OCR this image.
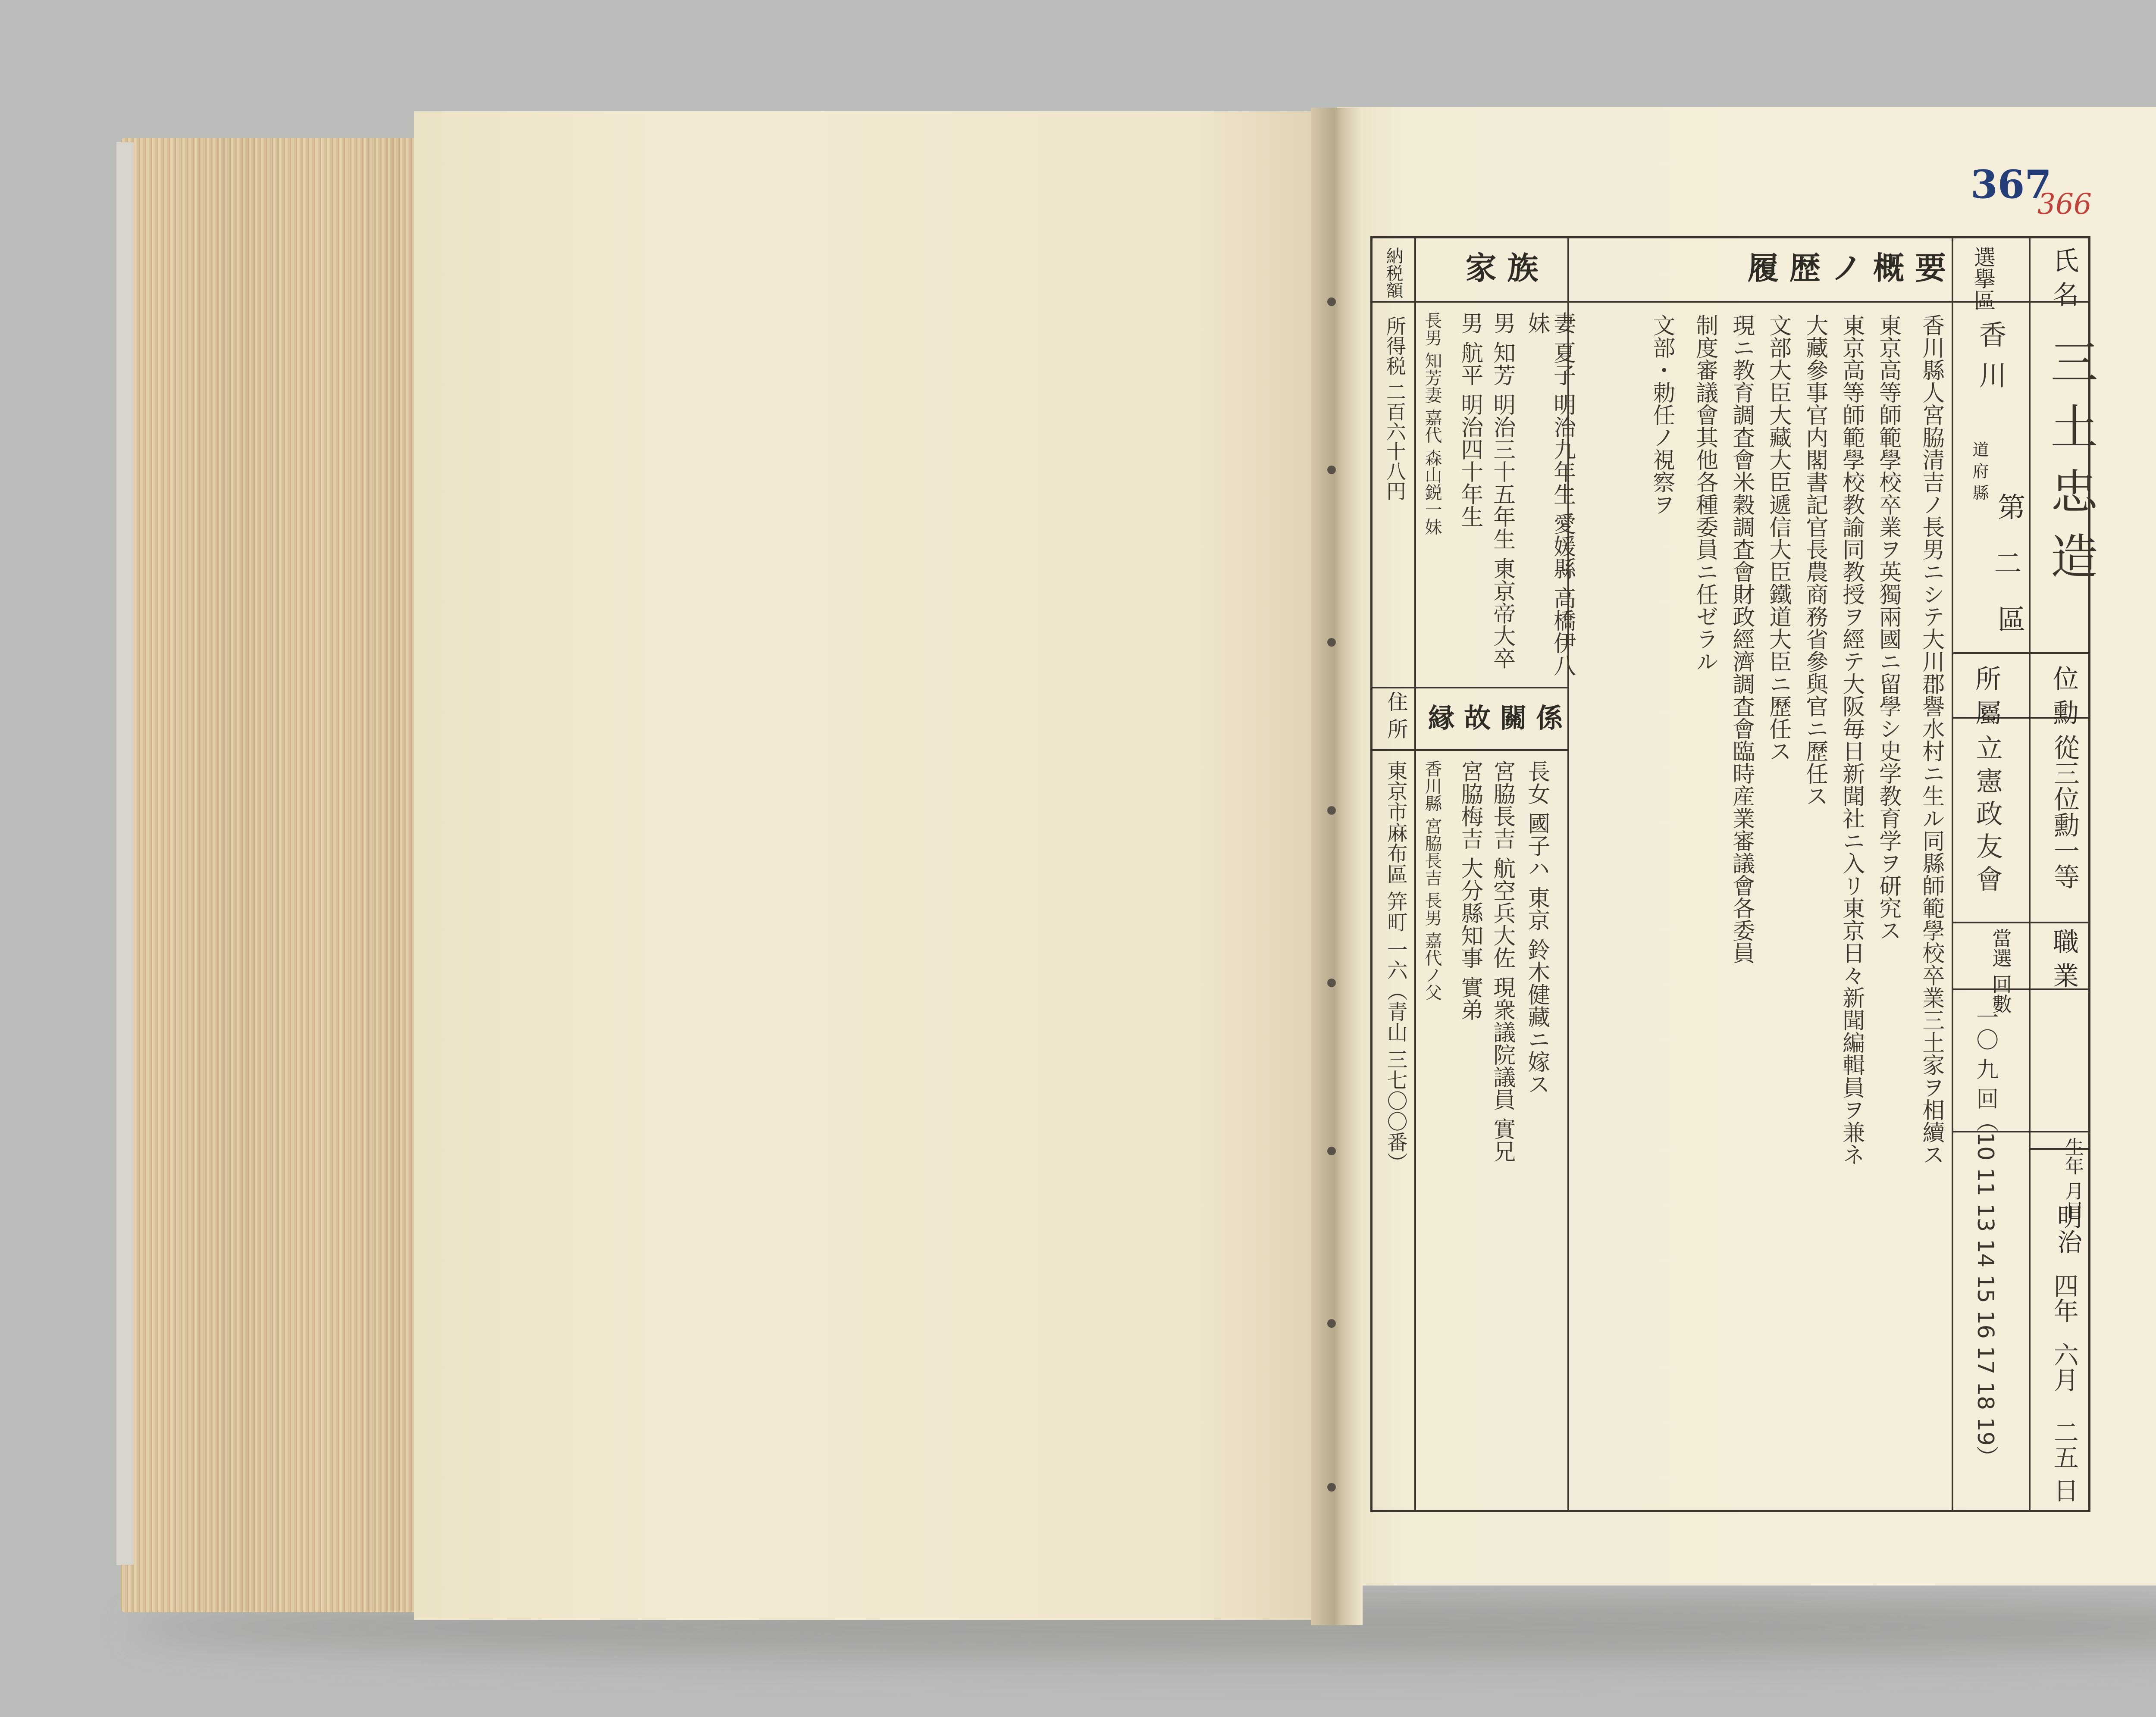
367
366
氏 名
選擧區
三土忠造
香川
道 府 縣
第
二
區
位 勳
所 屬
從三位勳一等
立憲政友會
職 業
當選 回數
一〇 九 回（10 11 13 14 15 16 17 18 19）	生年 月日
明治
四年
六月
二五 日
履 歴 ノ 概 要
香川縣人宮脇清吉ノ長男ニシテ大川郡譽水村ニ生ル同縣師範學校卒業三土家ヲ相續ス
東京高等師範學校卒業ヲ英獨兩國ニ留學シ史学教育学ヲ研究ス
東京高等師範學校教諭同教授ヲ經テ大阪毎日新聞社ニ入リ東京日々新聞編輯員ヲ兼ネ
大藏參事官内閣書記官長農商務省參與官ニ歷任ス
文部大臣大藏大臣遞信大臣鐵道大臣ニ歷任ス
現ニ教育調査會米穀調査會財政經濟調査會臨時産業審議會各委員
制度審議會其他各種委員ニ任ゼラル
文部・勅任ノ視察ヲ
家 族
妻 夏子 明治九年生 愛媛縣 高橋伊八妹
男 知芳 明治三十五年生 東京帝大卒
男 航平 明治四十年生
長男 知芳妻 嘉代 森山鋭一妹
縁 故 關 係
長女 國子ハ 東京 鈴木健藏ニ嫁ス
宮脇長吉 航空兵大佐 現衆議院議員 實兄
宮脇梅吉 大分縣知事 實弟
香川縣 宮脇長吉 長男 嘉代ノ父
納税額
所得税 二百六十八円
住 所
東京市麻布區 笄町 一六（青山 三七〇〇番）
